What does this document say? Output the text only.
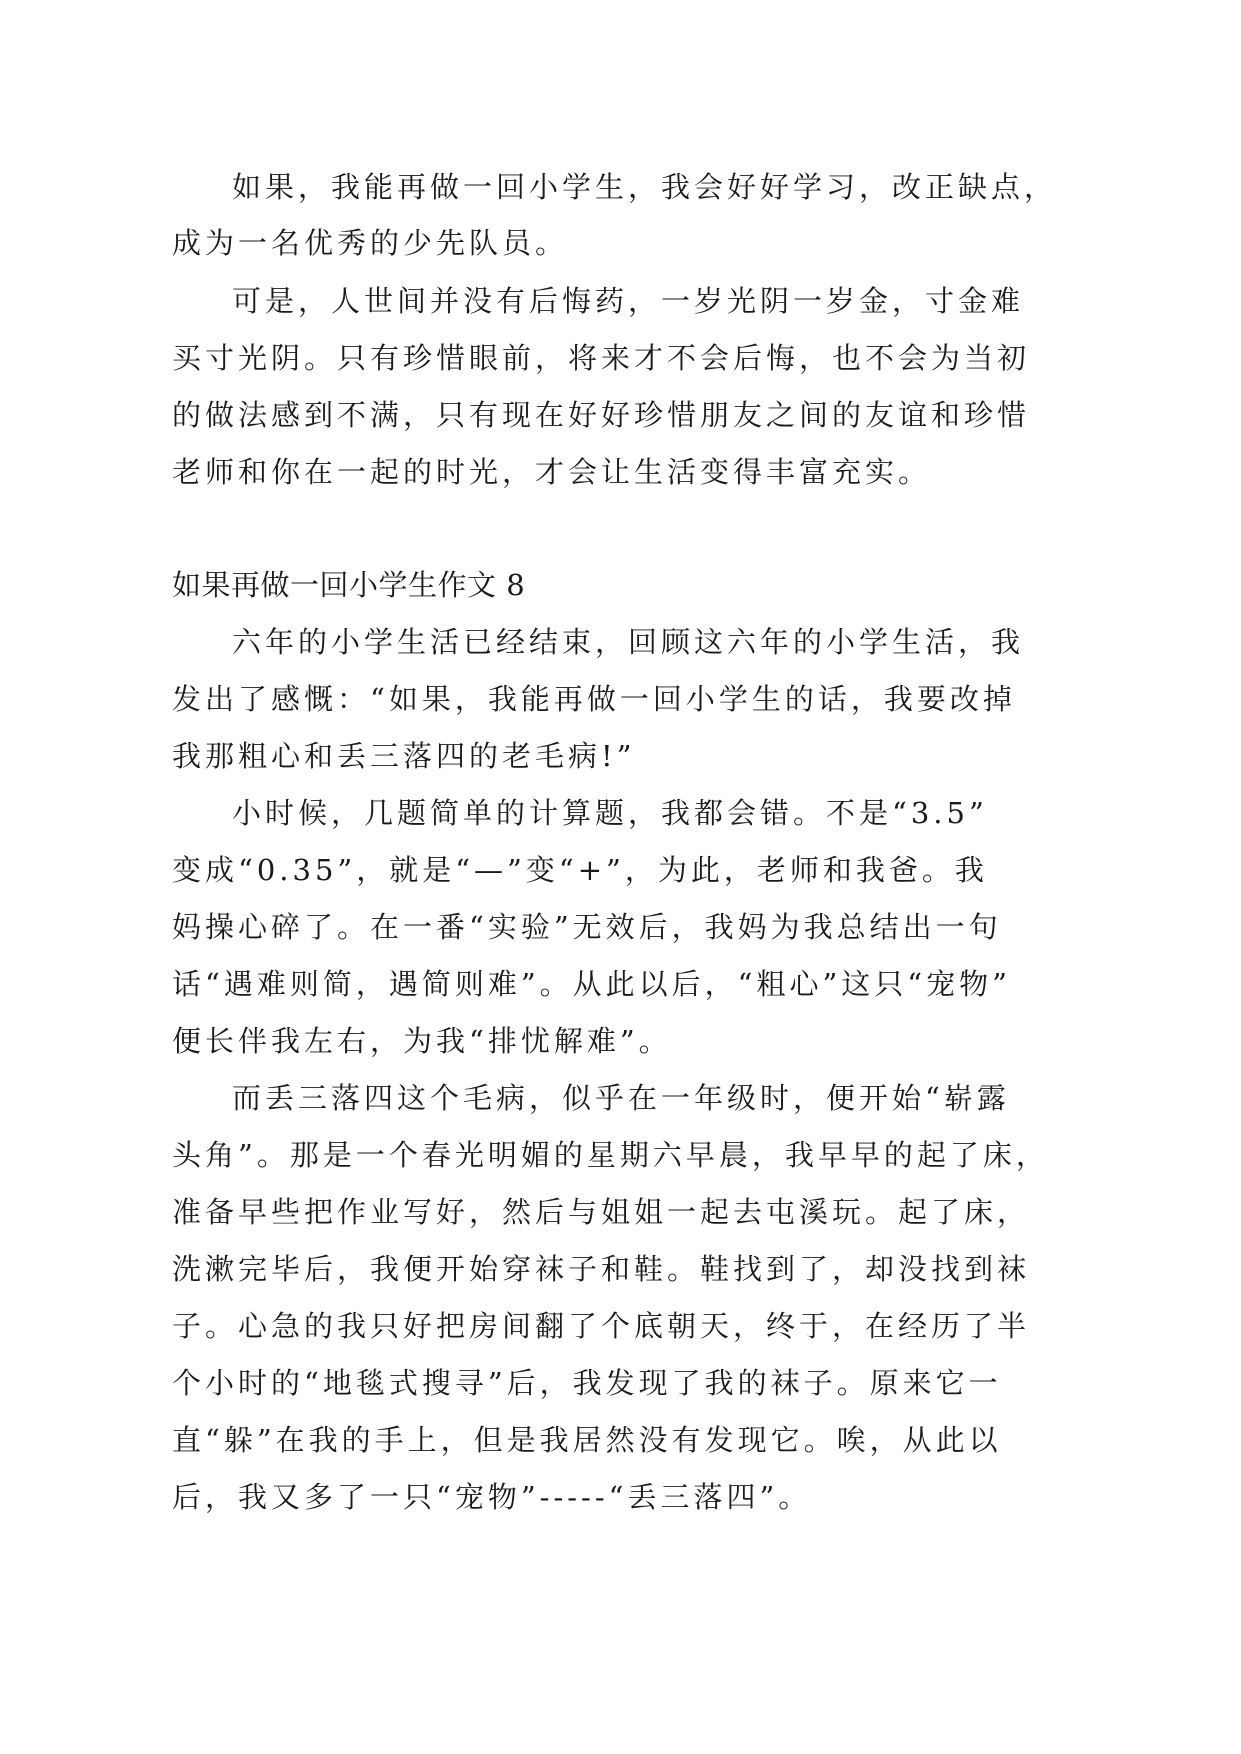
如果，我能再做一回小学生，我会好好学习，改正缺点，

成为一名优秀的少先队员。

可是，人世间并没有后悔药，一岁光阴一岁金，寸金难

买寸光阴。只有珍惜眼前，将来才不会后悔，也不会为当初

的做法感到不满，只有现在好好珍惜朋友之间的友谊和珍惜

老师和你在一起的时光，才会让生活变得丰富充实。

如果再做一回小学生作文 8

六年的小学生活已经结束，回顾这六年的小学生活，我

发出了感慨：“如果，我能再做一回小学生的话，我要改掉

我那粗心和丢三落四的老毛病!”

小时候，几题简单的计算题，我都会错。不是“3.5”

变成“0.35”，就是“—”变“+”，为此，老师和我爸。我

妈操心碎了。在一番“实验”无效后，我妈为我总结出一句

话“遇难则简，遇简则难”。从此以后，“粗心”这只“宠物”

便长伴我左右，为我“排忧解难”。

而丢三落四这个毛病，似乎在一年级时，便开始“崭露

头角”。那是一个春光明媚的星期六早晨，我早早的起了床，

准备早些把作业写好，然后与姐姐一起去屯溪玩。起了床，

洗漱完毕后，我便开始穿袜子和鞋。鞋找到了，却没找到袜

子。心急的我只好把房间翻了个底朝天，终于，在经历了半

个小时的“地毯式搜寻”后，我发现了我的袜子。原来它一

直“躲”在我的手上，但是我居然没有发现它。唉，从此以

后，我又多了一只“宠物”-----“丢三落四”。
